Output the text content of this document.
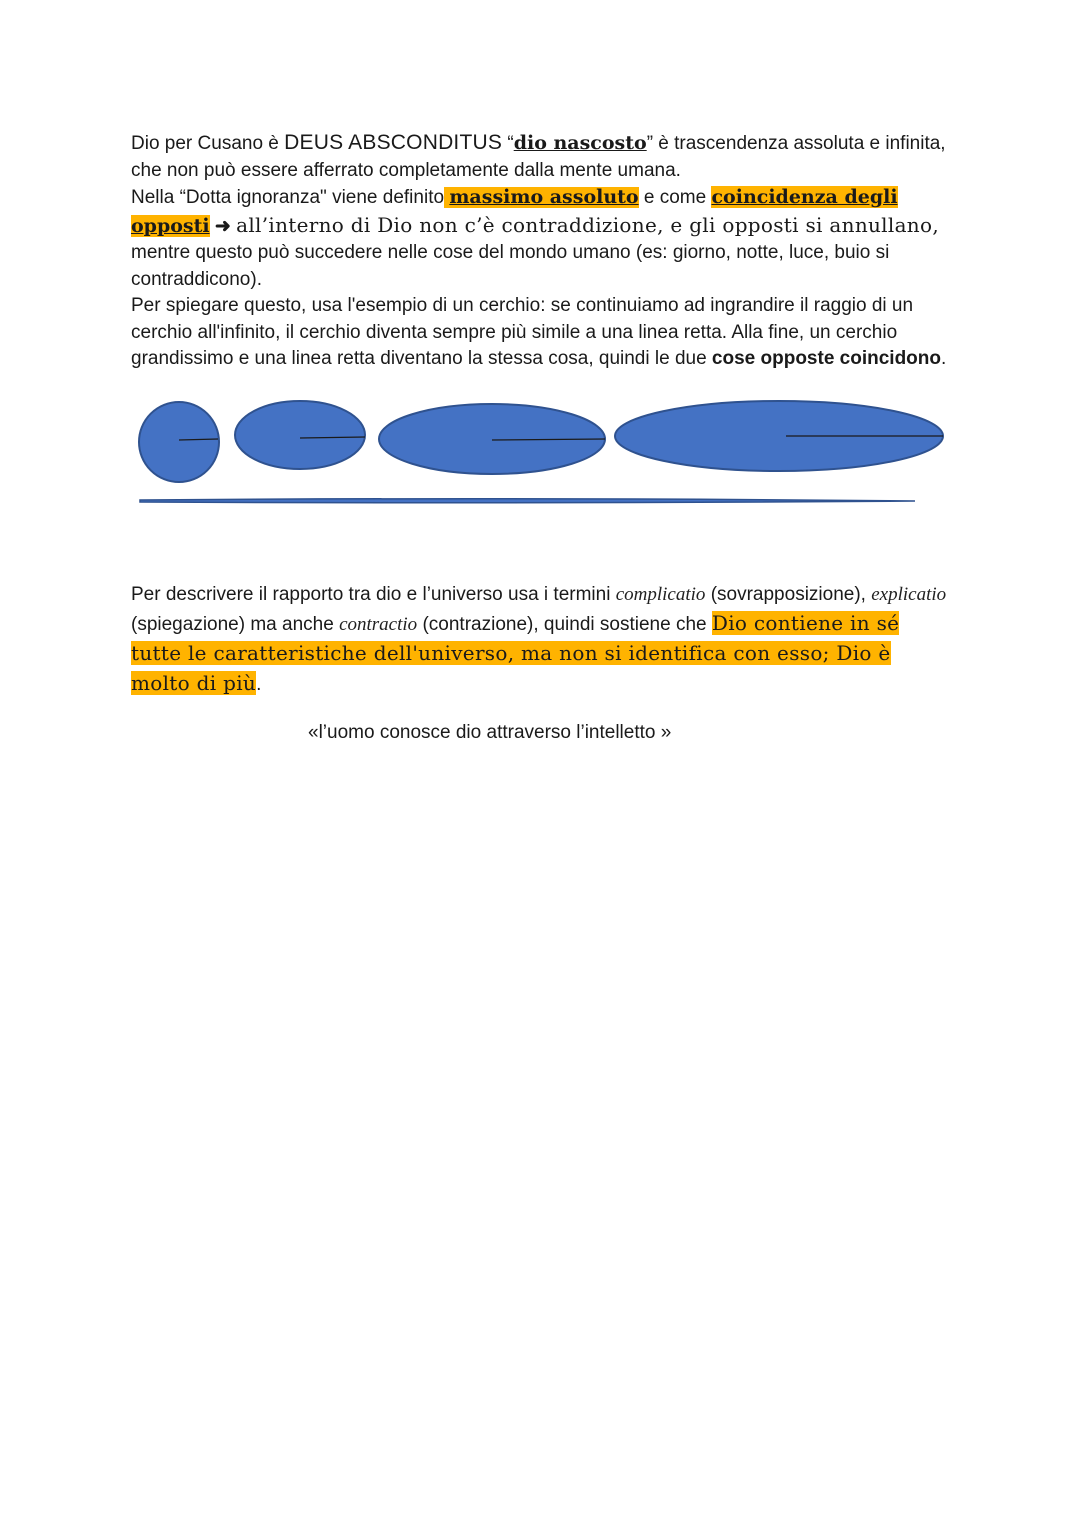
Dio per Cusano è DEUS ABSCONDITUS “dio nascosto” è trascendenza assoluta e infinita, che non può essere afferrato completamente dalla mente umana.
Nella “Dotta ignoranza" viene definito massimo assoluto e come coincidenza degli opposti ➜ all’interno di Dio non c’è contraddizione, e gli opposti si annullano, mentre questo può succedere nelle cose del mondo umano (es: giorno, notte, luce, buio si contraddicono).
Per spiegare questo, usa l'esempio di un cerchio: se continuiamo ad ingrandire il raggio di un cerchio all'infinito, il cerchio diventa sempre più simile a una linea retta. Alla fine, un cerchio grandissimo e una linea retta diventano la stessa cosa, quindi le due cose opposte coincidono.
Per descrivere il rapporto tra dio e l’universo usa i termini complicatio (sovrapposizione), explicatio (spiegazione) ma anche contractio (contrazione), quindi sostiene che Dio contiene in sé tutte le caratteristiche dell'universo, ma non si identifica con esso; Dio è molto di più.
«l’uomo conosce dio attraverso l’intelletto »
